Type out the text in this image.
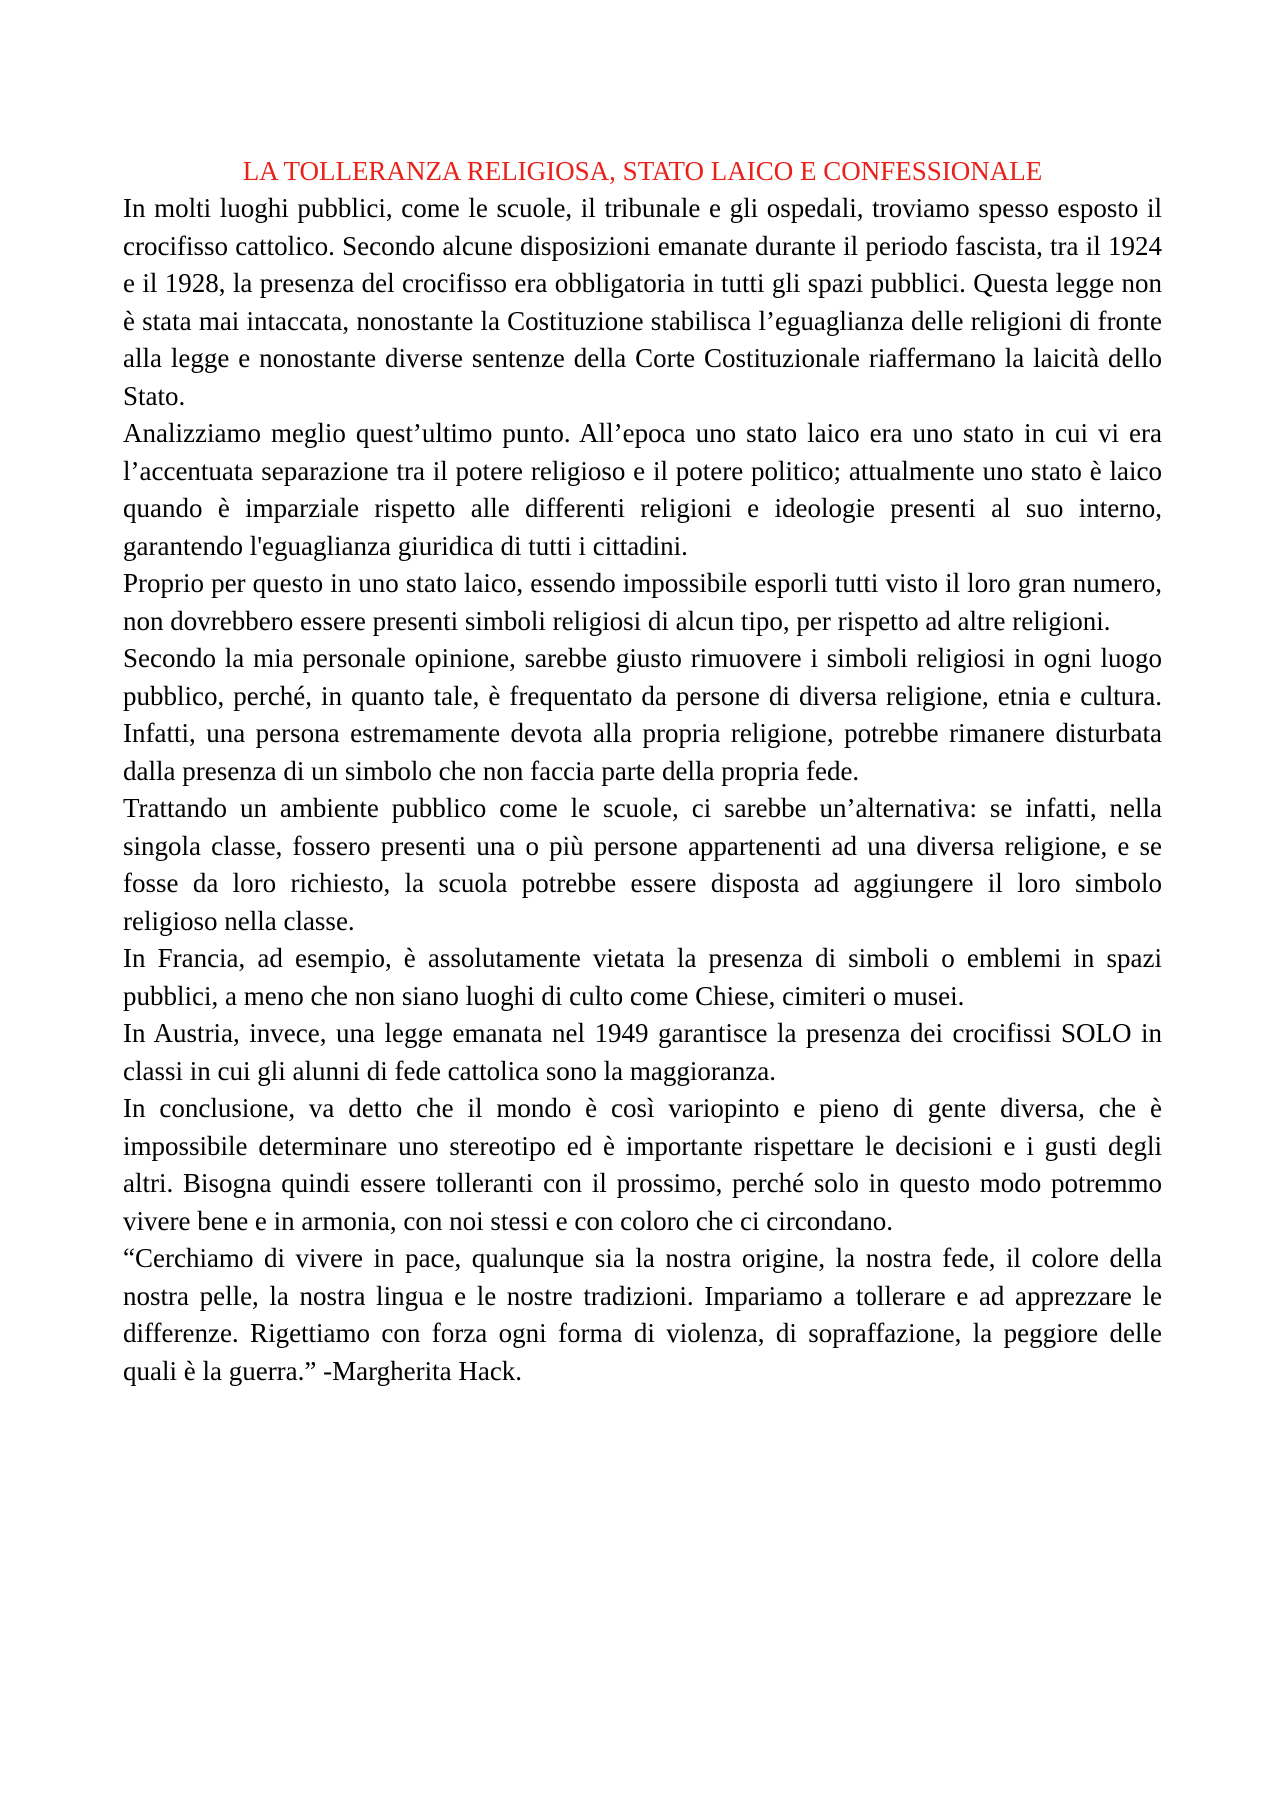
LA TOLLERANZA RELIGIOSA, STATO LAICO E CONFESSIONALE

In molti luoghi pubblici, come le scuole, il tribunale e gli ospedali, troviamo spesso esposto il crocifisso cattolico. Secondo alcune disposizioni emanate durante il periodo fascista, tra il 1924 e il 1928, la presenza del crocifisso era obbligatoria in tutti gli spazi pubblici. Questa legge non è stata mai intaccata, nonostante la Costituzione stabilisca l’eguaglianza delle religioni di fronte alla legge e nonostante diverse sentenze della Corte Costituzionale riaffermano la laicità dello Stato.

Analizziamo meglio quest’ultimo punto. All’epoca uno stato laico era uno stato in cui vi era l’accentuata separazione tra il potere religioso e il potere politico; attualmente uno stato è laico quando è imparziale rispetto alle differenti religioni e ideologie presenti al suo interno, garantendo l'eguaglianza giuridica di tutti i cittadini.

Proprio per questo in uno stato laico, essendo impossibile esporli tutti visto il loro gran numero, non dovrebbero essere presenti simboli religiosi di alcun tipo, per rispetto ad altre religioni.

Secondo la mia personale opinione, sarebbe giusto rimuovere i simboli religiosi in ogni luogo pubblico, perché, in quanto tale, è frequentato da persone di diversa religione, etnia e cultura. Infatti, una persona estremamente devota alla propria religione, potrebbe rimanere disturbata dalla presenza di un simbolo che non faccia parte della propria fede.

Trattando un ambiente pubblico come le scuole, ci sarebbe un’alternativa: se infatti, nella singola classe, fossero presenti una o più persone appartenenti ad una diversa religione, e se fosse da loro richiesto, la scuola potrebbe essere disposta ad aggiungere il loro simbolo religioso nella classe.

In Francia, ad esempio, è assolutamente vietata la presenza di simboli o emblemi in spazi pubblici, a meno che non siano luoghi di culto come Chiese, cimiteri o musei.

In Austria, invece, una legge emanata nel 1949 garantisce la presenza dei crocifissi SOLO in classi in cui gli alunni di fede cattolica sono la maggioranza.

In conclusione, va detto che il mondo è così variopinto e pieno di gente diversa, che è impossibile determinare uno stereotipo ed è importante rispettare le decisioni e i gusti degli altri. Bisogna quindi essere tolleranti con il prossimo, perché solo in questo modo potremmo vivere bene e in armonia, con noi stessi e con coloro che ci circondano.

“Cerchiamo di vivere in pace, qualunque sia la nostra origine, la nostra fede, il colore della nostra pelle, la nostra lingua e le nostre tradizioni. Impariamo a tollerare e ad apprezzare le differenze. Rigettiamo con forza ogni forma di violenza, di sopraffazione, la peggiore delle quali è la guerra.” -Margherita Hack.
